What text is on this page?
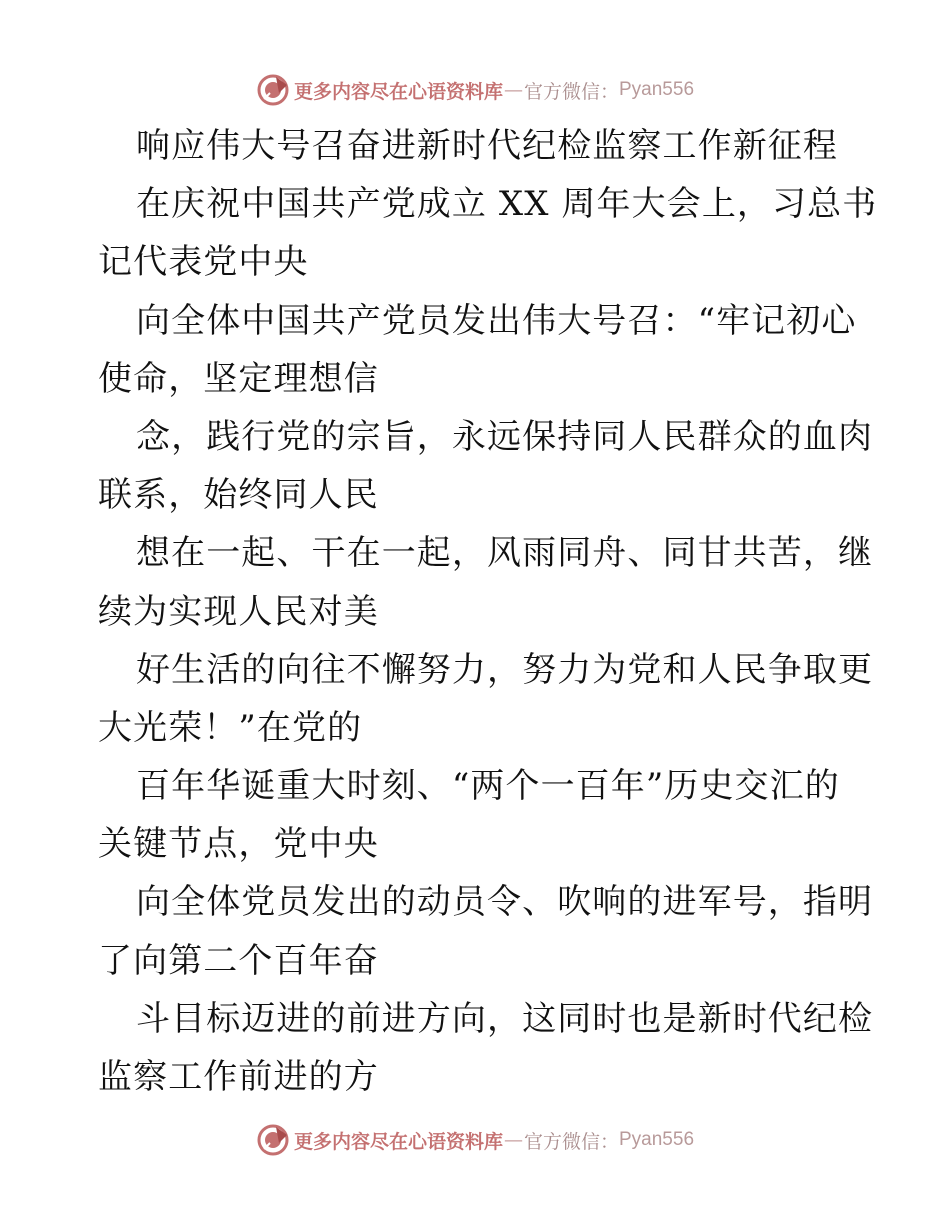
更多内容尽在心语资料库 — 官方微信： Pyan556
响应伟大号召奋进新时代纪检监察工作新征程
在庆祝中国共产党成立 XX 周年大会上，习总书
记代表党中央
向全体中国共产党员发出伟大号召：“牢记初心
使命，坚定理想信
念，践行党的宗旨，永远保持同人民群众的血肉
联系，始终同人民
想在一起、干在一起，风雨同舟、同甘共苦，继
续为实现人民对美
好生活的向往不懈努力，努力为党和人民争取更
大光荣！”在党的
百年华诞重大时刻、“两个一百年”历史交汇的
关键节点，党中央
向全体党员发出的动员令、吹响的进军号，指明
了向第二个百年奋
斗目标迈进的前进方向，这同时也是新时代纪检
监察工作前进的方
更多内容尽在心语资料库 — 官方微信： Pyan556
